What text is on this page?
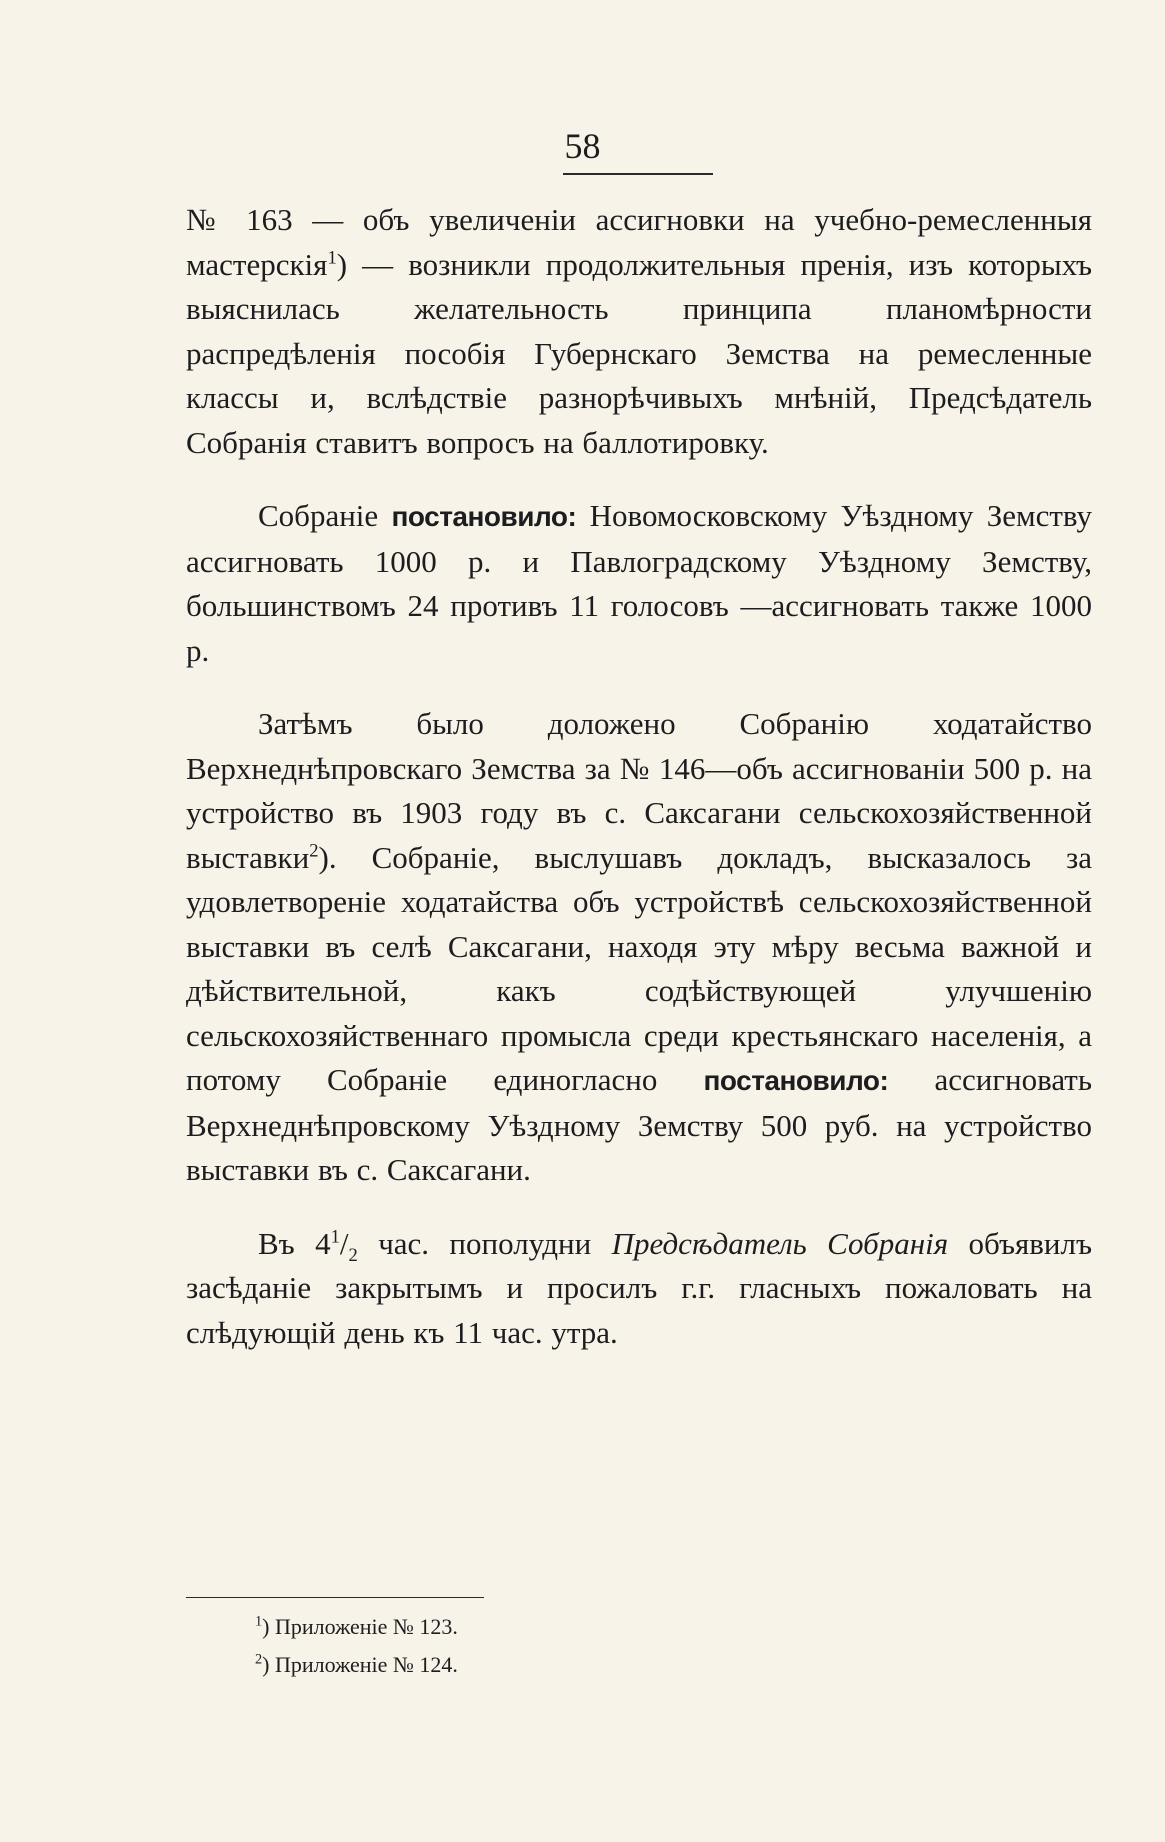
58

№ 163 — объ увеличеніи ассигновки на учебно-ремесленныя мастерскія$^1$) — возникли продолжительныя пренія, изъ которыхъ выяснилась желательность принципа планомѣрности распредѣленія пособія Губернскаго Земства на ремесленные классы и, вслѣдствіе разнорѣчивыхъ мнѣній, Предсѣдатель Собранія ставитъ вопросъ на баллотировку.

Собраніе постановило: Новомосковскому Уѣздному Земству ассигновать 1000 р. и Павлоградскому Уѣздному Земству, большинствомъ 24 противъ 11 голосовъ —ассигновать также 1000 р.

Затѣмъ было доложено Собранію ходатайство Верхнеднѣпровскаго Земства за № 146—объ ассигнованіи 500 р. на устройство въ 1903 году въ с. Саксагани сельскохозяйственной выставки$^2$). Собраніе, выслушавъ докладъ, высказалось за удовлетвореніе ходатайства объ устройствѣ сельскохозяйственной выставки въ селѣ Саксагани, находя эту мѣру весьма важной и дѣйствительной, какъ содѣйствующей улучшенію сельскохозяйственнаго промысла среди крестьянскаго населенія, а потому Собраніе единогласно постановило: ассигновать Верхнеднѣпровскому Уѣздному Земству 500 руб. на устройство выставки въ с. Саксагани.

Въ $4^1/_2$ час. пополудни Предсѣдатель Собранія объявилъ засѣданіе закрытымъ и просилъ г.г. гласныхъ пожаловать на слѣдующій день къ 11 час. утра.

$^1$) Приложеніе № 123.

$^2$) Приложеніе № 124.
